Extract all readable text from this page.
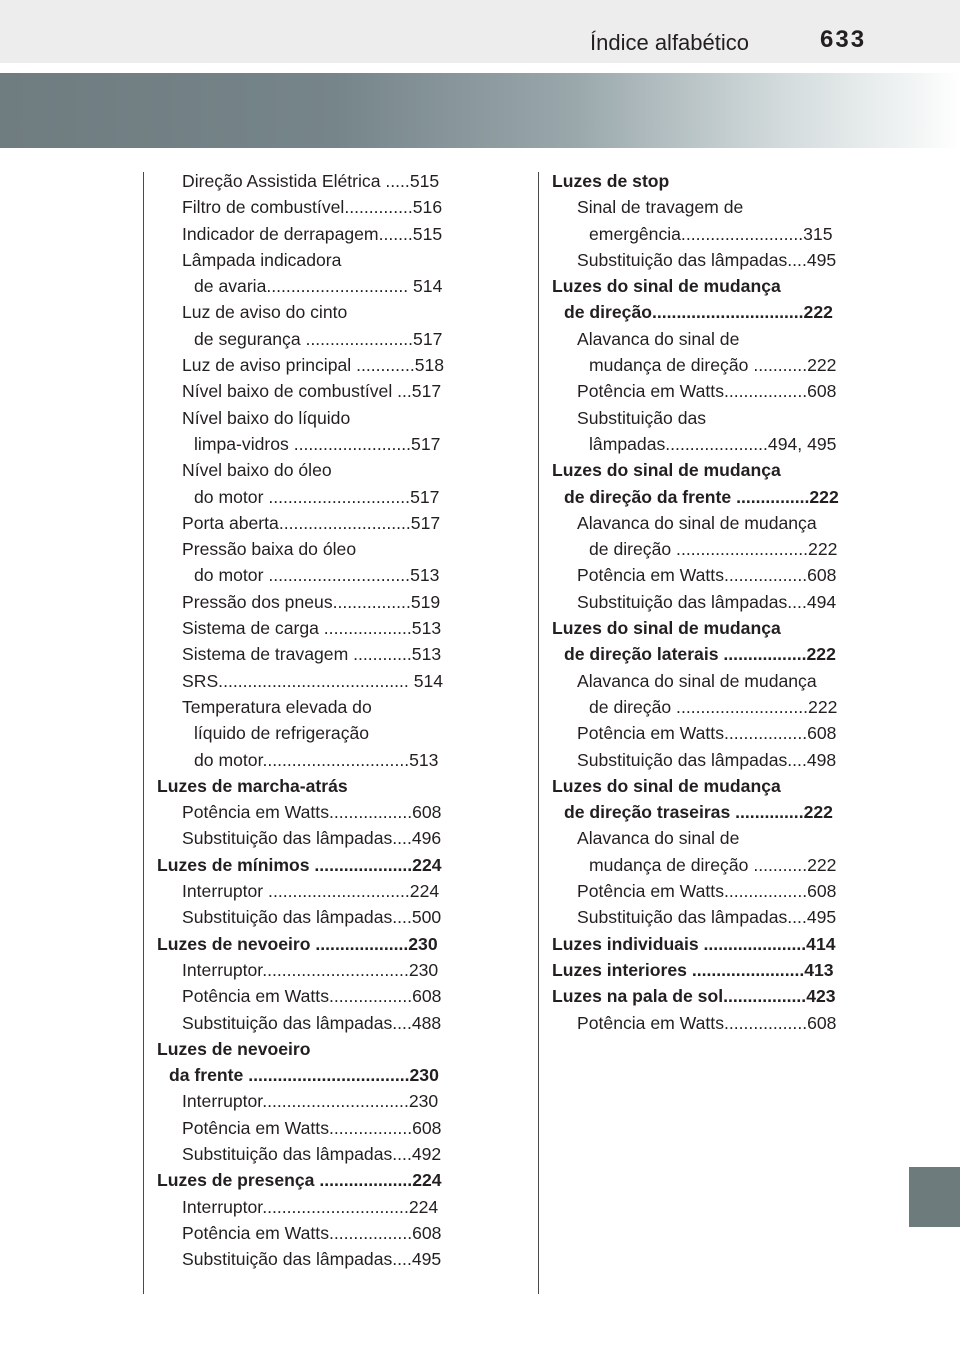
Índice alfabético	633
Direção Assistida Elétrica .....515
Filtro de combustível..............516
Indicador de derrapagem.......515
Lâmpada indicadora
de avaria............................. 514
Luz de aviso do cinto
de segurança ......................517
Luz de aviso principal ............518
Nível baixo de combustível ...517
Nível baixo do líquido
limpa-vidros ........................517
Nível baixo do óleo
do motor .............................517
Porta aberta...........................517
Pressão baixa do óleo
do motor .............................513
Pressão dos pneus................519
Sistema de carga ..................513
Sistema de travagem ............513
SRS....................................... 514
Temperatura elevada do
líquido de refrigeração
do motor..............................513
Luzes de marcha-atrás
Potência em Watts.................608
Substituição das lâmpadas....496
Luzes de mínimos ....................224
Interruptor .............................224
Substituição das lâmpadas....500
Luzes de nevoeiro ...................230
Interruptor..............................230
Potência em Watts.................608
Substituição das lâmpadas....488
Luzes de nevoeiro
da frente .................................230
Interruptor..............................230
Potência em Watts.................608
Substituição das lâmpadas....492
Luzes de presença ...................224
Interruptor..............................224
Potência em Watts.................608
Substituição das lâmpadas....495
Luzes de stop
Sinal de travagem de
emergência.........................315
Substituição das lâmpadas....495
Luzes do sinal de mudança
de direção...............................222
Alavanca do sinal de
mudança de direção ...........222
Potência em Watts.................608
Substituição das
lâmpadas.....................494, 495
Luzes do sinal de mudança
de direção da frente ...............222
Alavanca do sinal de mudança
de direção ...........................222
Potência em Watts.................608
Substituição das lâmpadas....494
Luzes do sinal de mudança
de direção laterais .................222
Alavanca do sinal de mudança
de direção ...........................222
Potência em Watts.................608
Substituição das lâmpadas....498
Luzes do sinal de mudança
de direção traseiras ..............222
Alavanca do sinal de
mudança de direção ...........222
Potência em Watts.................608
Substituição das lâmpadas....495
Luzes individuais .....................414
Luzes interiores .......................413
Luzes na pala de sol.................423
Potência em Watts.................608
